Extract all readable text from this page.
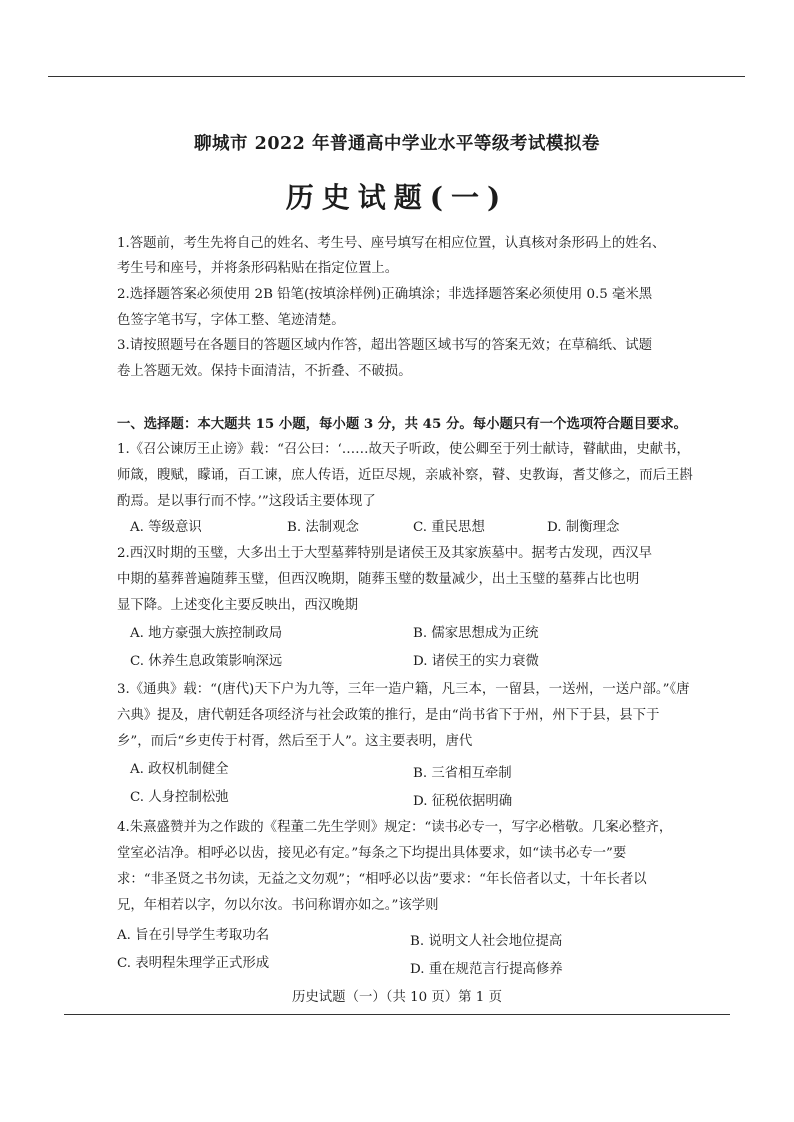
聊城市 2022 年普通高中学业水平等级考试模拟卷
历史试题(一)
1.答题前，考生先将自己的姓名、考生号、座号填写在相应位置，认真核对条形码上的姓名、
考生号和座号，并将条形码粘贴在指定位置上。
2.选择题答案必须使用 2B 铅笔(按填涂样例)正确填涂；非选择题答案必须使用 0.5 毫米黑
色签字笔书写，字体工整、笔迹清楚。
3.请按照题号在各题目的答题区域内作答，超出答题区域书写的答案无效；在草稿纸、试题
卷上答题无效。保持卡面清洁，不折叠、不破损。
一、选择题：本大题共 15 小题，每小题 3 分，共 45 分。每小题只有一个选项符合题目要求。
1.《召公谏厉王止谤》载：“召公曰：‘……故天子听政，使公卿至于列士献诗，瞽献曲，史献书，
师箴，瞍赋，矇诵，百工谏，庶人传语，近臣尽规，亲戚补察，瞽、史教诲，耆艾修之，而后王斟
酌焉。是以事行而不悖。’”这段话主要体现了
A. 等级意识	B. 法制观念	C. 重民思想	D. 制衡理念
2.西汉时期的玉璧，大多出土于大型墓葬特别是诸侯王及其家族墓中。据考古发现，西汉早
中期的墓葬普遍随葬玉璧，但西汉晚期，随葬玉璧的数量减少，出土玉璧的墓葬占比也明
显下降。上述变化主要反映出，西汉晚期
A. 地方豪强大族控制政局	B. 儒家思想成为正统
C. 休养生息政策影响深远	D. 诸侯王的实力衰微
3.《通典》载：“(唐代)天下户为九等，三年一造户籍，凡三本，一留县，一送州，一送户部。”《唐
六典》提及，唐代朝廷各项经济与社会政策的推行，是由“尚书省下于州，州下于县，县下于
乡”，而后“乡吏传于村胥，然后至于人”。这主要表明，唐代
A. 政权机制健全	B. 三省相互牵制
C. 人身控制松弛	D. 征税依据明确
4.朱熹盛赞并为之作跋的《程董二先生学则》规定：“读书必专一，写字必楷敬。几案必整齐，
堂室必洁净。相呼必以齿，接见必有定。”每条之下均提出具体要求，如“读书必专一”要
求：“非圣贤之书勿读，无益之文勿观”；“相呼必以齿”要求：“年长倍者以丈，十年长者以
兄，年相若以字，勿以尔汝。书问称谓亦如之。”该学则
A. 旨在引导学生考取功名	B. 说明文人社会地位提高
C. 表明程朱理学正式形成	D. 重在规范言行提高修养
历史试题（一）（共 10 页）第 1 页
